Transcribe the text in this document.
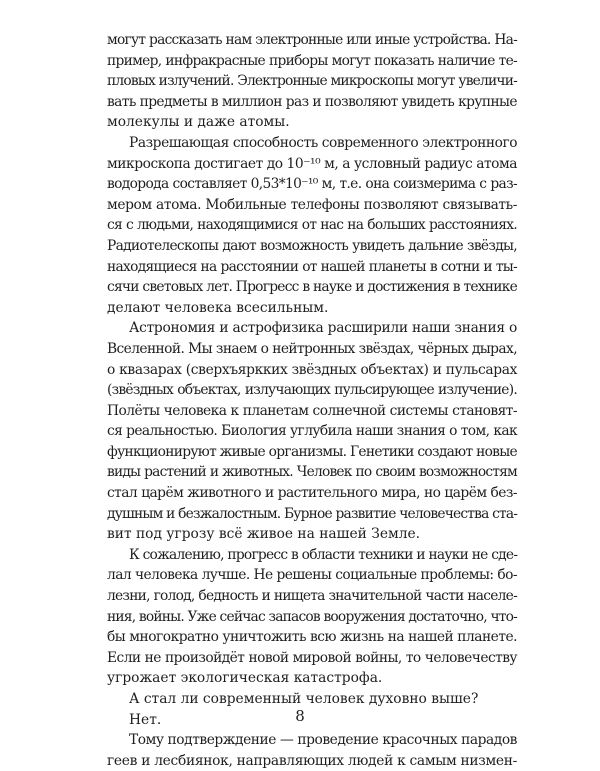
могут рассказать нам электронные или иные устройства. На-
пример, инфракрасные приборы могут показать наличие те-
пловых излучений. Электронные микроскопы могут увеличи-
вать предметы в миллион раз и позволяют увидеть крупные
молекулы и даже атомы.
Разрешающая способность современного электронного
микроскопа достигает до 10⁻¹⁰ м, а условный радиус атома
водорода составляет 0,53*10⁻¹⁰ м, т.е. она соизмерима с раз-
мером атома. Мобильные телефоны позволяют связывать-
ся с людьми, находящимися от нас на больших расстояниях.
Радиотелескопы дают возможность увидеть дальние звёзды,
находящиеся на расстоянии от нашей планеты в сотни и ты-
сячи световых лет. Прогресс в науке и достижения в технике
делают человека всесильным.
Астрономия и астрофизика расширили наши знания о
Вселенной. Мы знаем о нейтронных звёздах, чёрных дырах,
о квазарах (сверхъяркких звёздных объектах) и пульсарах
(звёздных объектах, излучающих пульсирующее излучение).
Полёты человека к планетам солнечной системы становят-
ся реальностью. Биология углубила наши знания о том, как
функционируют живые организмы. Генетики создают новые
виды растений и животных. Человек по своим возможностям
стал царём животного и растительного мира, но царём без-
душным и безжалостным. Бурное развитие человечества ста-
вит под угрозу всё живое на нашей Земле.
К сожалению, прогресс в области техники и науки не сде-
лал человека лучше. Не решены социальные проблемы: бо-
лезни, голод, бедность и нищета значительной части населе-
ния, войны. Уже сейчас запасов вооружения достаточно, что-
бы многократно уничтожить всю жизнь на нашей планете.
Если не произойдёт новой мировой войны, то человечеству
угрожает экологическая катастрофа.
А стал ли современный человек духовно выше?
Нет.
Тому подтверждение — проведение красочных парадов
геев и лесбиянок, направляющих людей к самым низмен-
8
